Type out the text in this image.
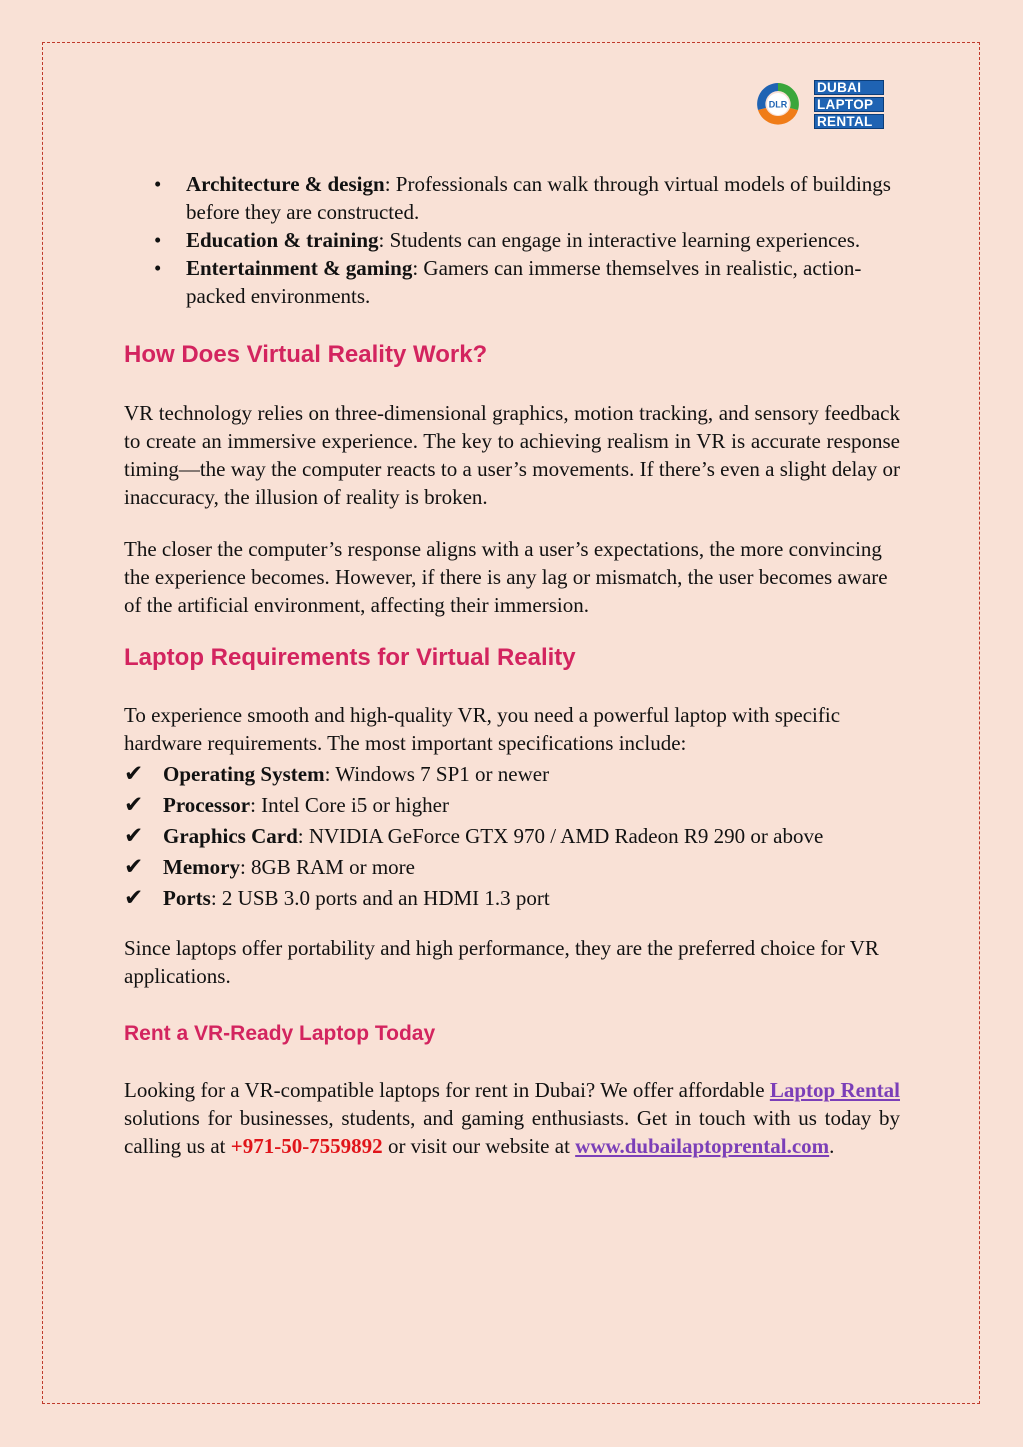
DLR
DUBAI
LAPTOP
RENTAL
• Architecture & design: Professionals can walk through virtual models of buildings before they are constructed.
• Education & training: Students can engage in interactive learning experiences.
• Entertainment & gaming: Gamers can immerse themselves in realistic, action-packed environments.
How Does Virtual Reality Work?

VR technology relies on three-dimensional graphics, motion tracking, and sensory feedback to create an immersive experience. The key to achieving realism in VR is accurate response timing—the way the computer reacts to a user’s movements. If there’s even a slight delay or inaccuracy, the illusion of reality is broken.

The closer the computer’s response aligns with a user’s expectations, the more convincing the experience becomes. However, if there is any lag or mismatch, the user becomes aware of the artificial environment, affecting their immersion.

Laptop Requirements for Virtual Reality

To experience smooth and high-quality VR, you need a powerful laptop with specific hardware requirements. The most important specifications include:

✔ Operating System: Windows 7 SP1 or newer
✔ Processor: Intel Core i5 or higher
✔ Graphics Card: NVIDIA GeForce GTX 970 / AMD Radeon R9 290 or above
✔ Memory: 8GB RAM or more
✔ Ports: 2 USB 3.0 ports and an HDMI 1.3 port

Since laptops offer portability and high performance, they are the preferred choice for VR applications.

Rent a VR-Ready Laptop Today

Looking for a VR-compatible laptops for rent in Dubai? We offer affordable Laptop Rental solutions for businesses, students, and gaming enthusiasts. Get in touch with us today by calling us at +971-50-7559892 or visit our website at www.dubailaptoprental.com.
